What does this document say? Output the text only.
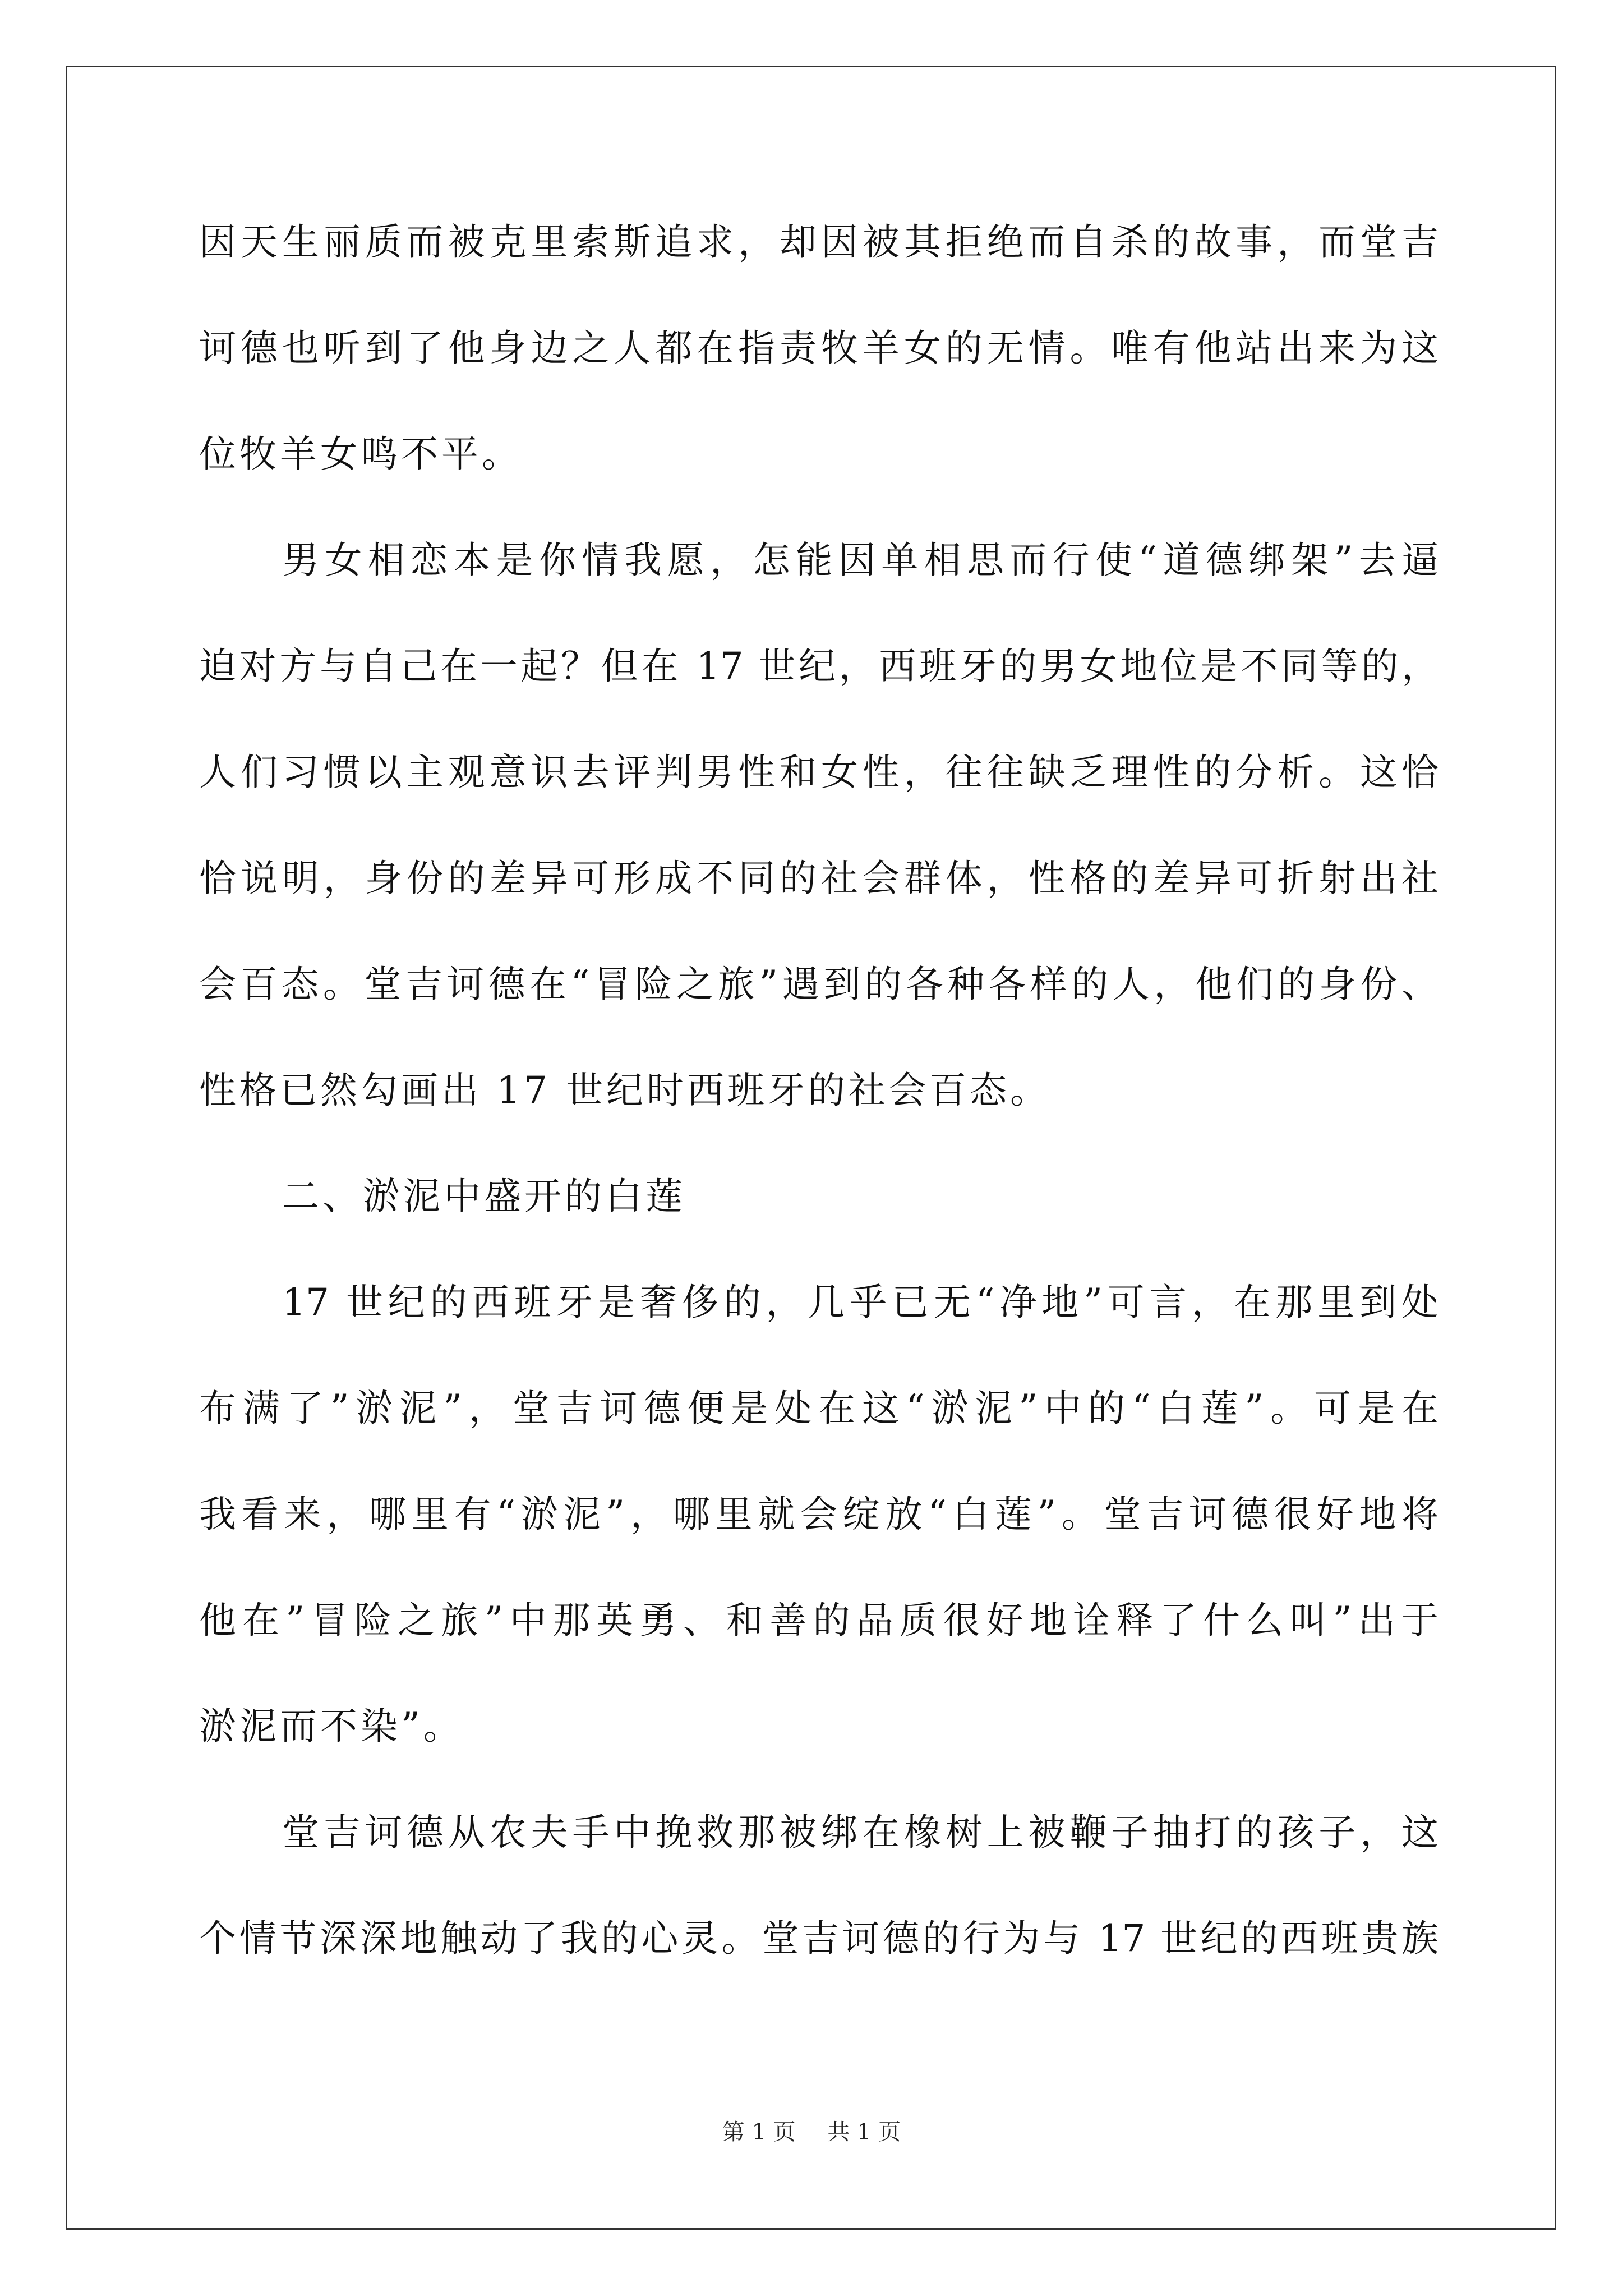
因天生丽质而被克里索斯追求，却因被其拒绝而自杀的故事，而堂吉
诃德也听到了他身边之人都在指责牧羊女的无情。唯有他站出来为这
位牧羊女鸣不平。
男女相恋本是你情我愿，怎能因单相思而行使“道德绑架”去逼
迫对方与自己在一起？但在 17 世纪，西班牙的男女地位是不同等的，
人们习惯以主观意识去评判男性和女性，往往缺乏理性的分析。这恰
恰说明，身份的差异可形成不同的社会群体，性格的差异可折射出社
会百态。堂吉诃德在“冒险之旅”遇到的各种各样的人，他们的身份、
性格已然勾画出 17 世纪时西班牙的社会百态。
二、淤泥中盛开的白莲
17 世纪的西班牙是奢侈的，几乎已无“净地”可言，在那里到处
布满了”淤泥”，堂吉诃德便是处在这“淤泥”中的“白莲”。可是在
我看来，哪里有“淤泥”，哪里就会绽放“白莲”。堂吉诃德很好地将
他在”冒险之旅”中那英勇、和善的品质很好地诠释了什么叫”出于
淤泥而不染”。
堂吉诃德从农夫手中挽救那被绑在橡树上被鞭子抽打的孩子，这
个情节深深地触动了我的心灵。堂吉诃德的行为与 17 世纪的西班贵族
第 1 页 共 1 页
